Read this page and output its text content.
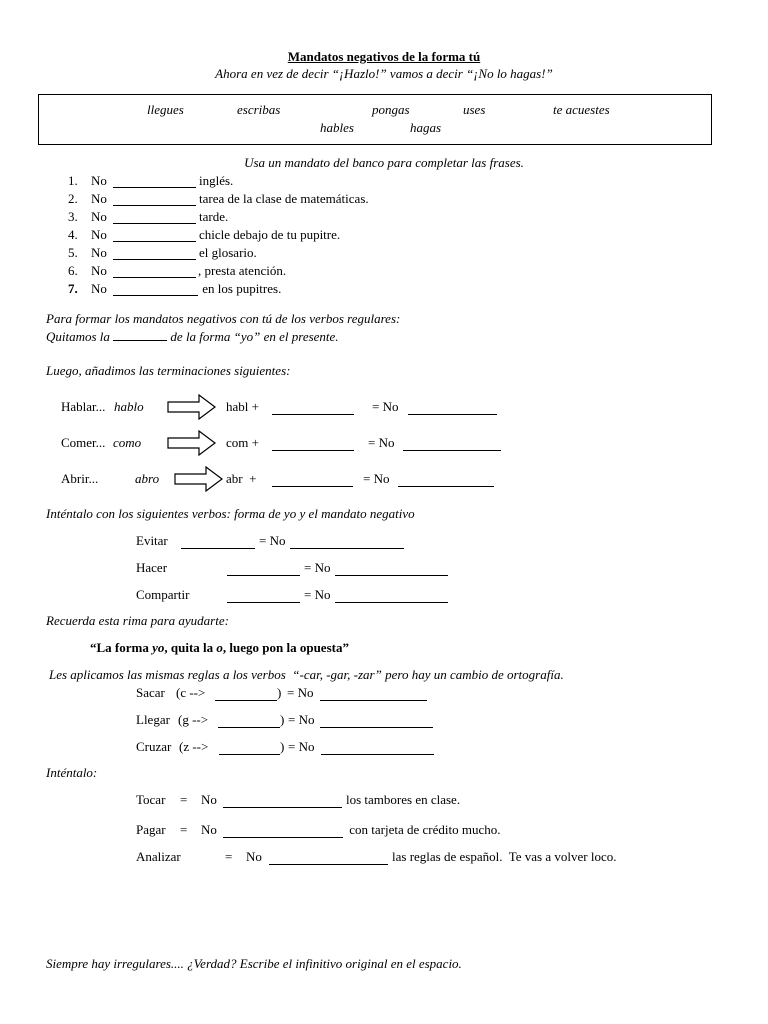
Mandatos negativos de la forma tú
Ahora en vez de decir “¡Hazlo!” vamos a decir “¡No lo hagas!”
llegues	escribas	pongas	uses	te acuestes
hables	hagas
Usa un mandato del banco para completar las frases.
1. No	inglés.
2. No	tarea de la clase de matemáticas.
3. No	tarde.
4. No	chicle debajo de tu pupitre.
5. No	el glosario.
6. No	, presta atención.
7. No	en los pupitres.
Para formar los mandatos negativos con tú de los verbos regulares:
Quitamos la	de la forma “yo” en el presente.
Luego, añadimos las terminaciones siguientes:
Hablar... hablo	habl +	= No
Comer... como	com +	= No
Abrir...	abro	abr  +	= No
Inténtalo con los siguientes verbos: forma de yo y el mandato negativo
Evitar	= No
Hacer	= No
Compartir	= No
Recuerda esta rima para ayudarte:
“La forma yo, quita la o, luego pon la opuesta”
Les aplicamos las mismas reglas a los verbos  “-car, -gar, -zar” pero hay un cambio de ortografía.
Sacar (c -->	) = No
Llegar (g -->	) = No
Cruzar (z -->	) = No
Inténtalo:
Tocar = No	los tambores en clase.
Pagar = No	con tarjeta de crédito mucho.
Analizar	= No	las reglas de español.  Te vas a volver loco.
Siempre hay irregulares.... ¿Verdad? Escribe el infinitivo original en el espacio.
